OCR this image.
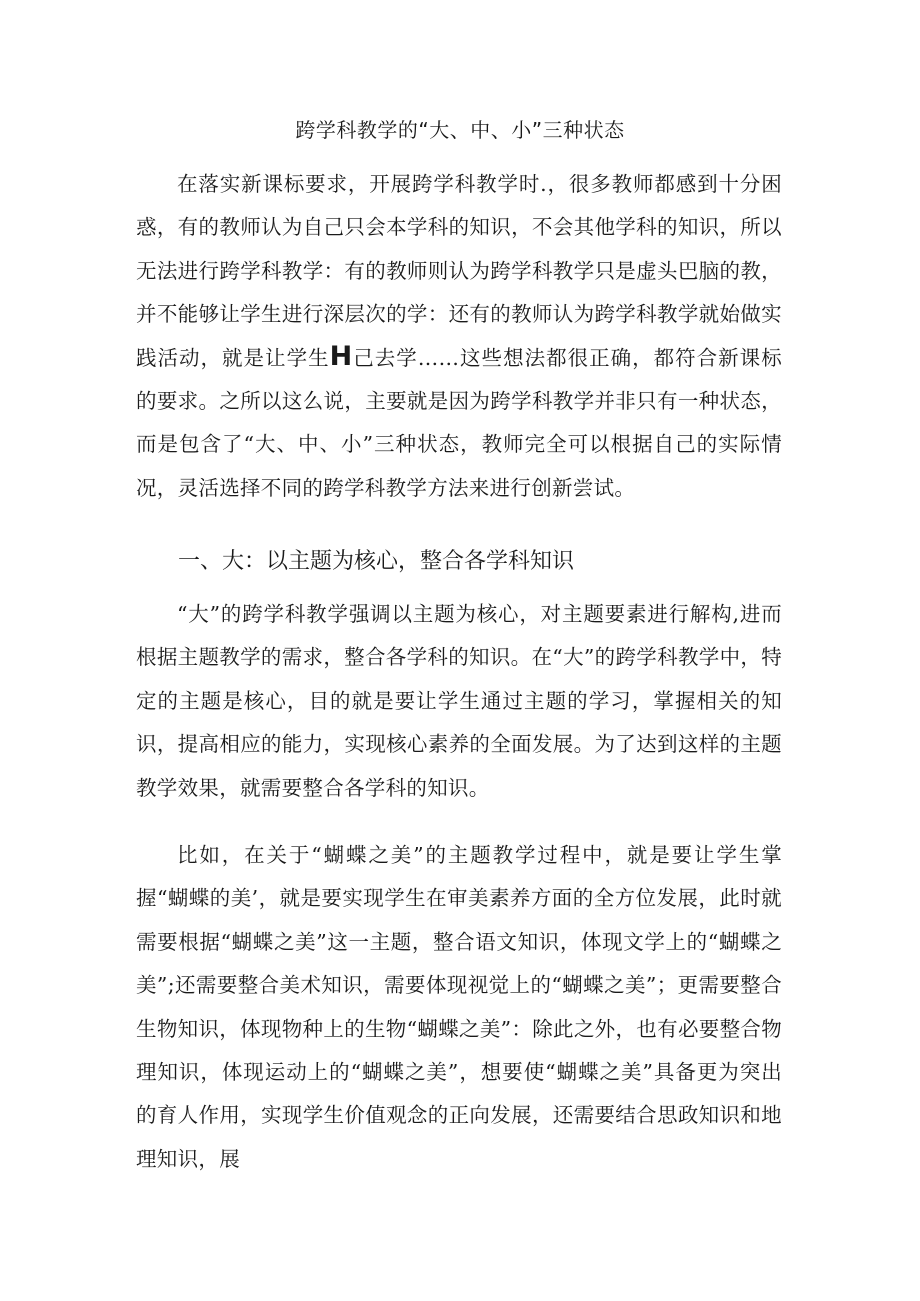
跨学科教学的“大、中、小”三种状态

在落实新课标要求，开展跨学科教学时.，很多教师都感到十分困惑，有的教师认为自己只会本学科的知识，不会其他学科的知识，所以无法进行跨学科教学：有的教师则认为跨学科教学只是虚头巴脑的教，并不能够让学生进行深层次的学：还有的教师认为跨学科教学就始做实践活动，就是让学生H己去学……这些想法都很正确，都符合新课标的要求。之所以这么说，主要就是因为跨学科教学并非只有一种状态，而是包含了“大、中、小”三种状态，教师完全可以根据自己的实际情况，灵活选择不同的跨学科教学方法来进行创新尝试。

一、大：以主题为核心，整合各学科知识

“大”的跨学科教学强调以主题为核心，对主题要素进行解构,进而根据主题教学的需求，整合各学科的知识。在“大”的跨学科教学中，特定的主题是核心，目的就是要让学生通过主题的学习，掌握相关的知识，提高相应的能力，实现核心素养的全面发展。为了达到这样的主题教学效果，就需要整合各学科的知识。

比如，在关于“蝴蝶之美”的主题教学过程中，就是要让学生掌握“蝴蝶的美’，就是要实现学生在审美素养方面的全方位发展，此时就需要根据“蝴蝶之美”这一主题，整合语文知识，体现文学上的“蝴蝶之美”;还需要整合美术知识，需要体现视觉上的“蝴蝶之美”；更需要整合生物知识，体现物种上的生物“蝴蝶之美”：除此之外，也有必要整合物理知识，体现运动上的“蝴蝶之美”，想要使“蝴蝶之美”具备更为突出的育人作用，实现学生价值观念的正向发展，还需要结合思政知识和地理知识，展
